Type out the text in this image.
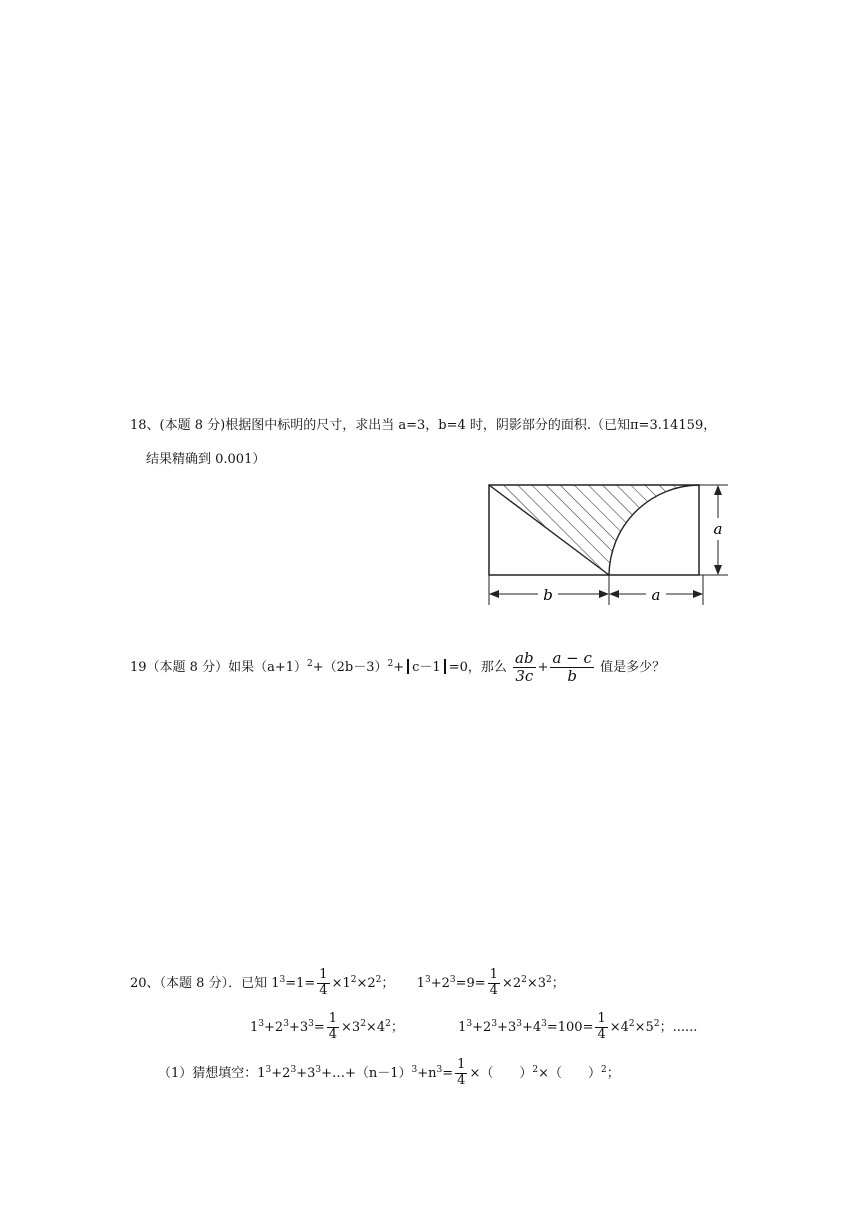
18、(本题 8 分)根据图中标明的尺寸，求出当 a=3，b=4 时，阴影部分的面积.（已知π=3.14159，
结果精确到 0.001）
a
b	a
19（本题 8 分）如果$(a+1)^2+(2b-3)^2+ c-1 =0$，那么 $\frac{ab}{3c} + \frac{a - c}{b}$ 值是多少？
20、（本题 8 分）．已知 $1^3=1= \frac{1}{4} \times 1^2\times 2^2$； $1^3+2^3=9= \frac{1}{4} \times 2^2\times 3^2$；
$1^3+2^3+3^3= \frac{1}{4} \times 3^2\times 4^2$；	$1^3+2^3+3^3+4^3=100= \frac{1}{4} \times 4^2\times 5^2$；......
（1）猜想填空：$1^3+2^3+3^3+\dots+(n-1)^3+n^3= \frac{1}{4}$ ×（　　）$^2$×（　　）$^2$；
